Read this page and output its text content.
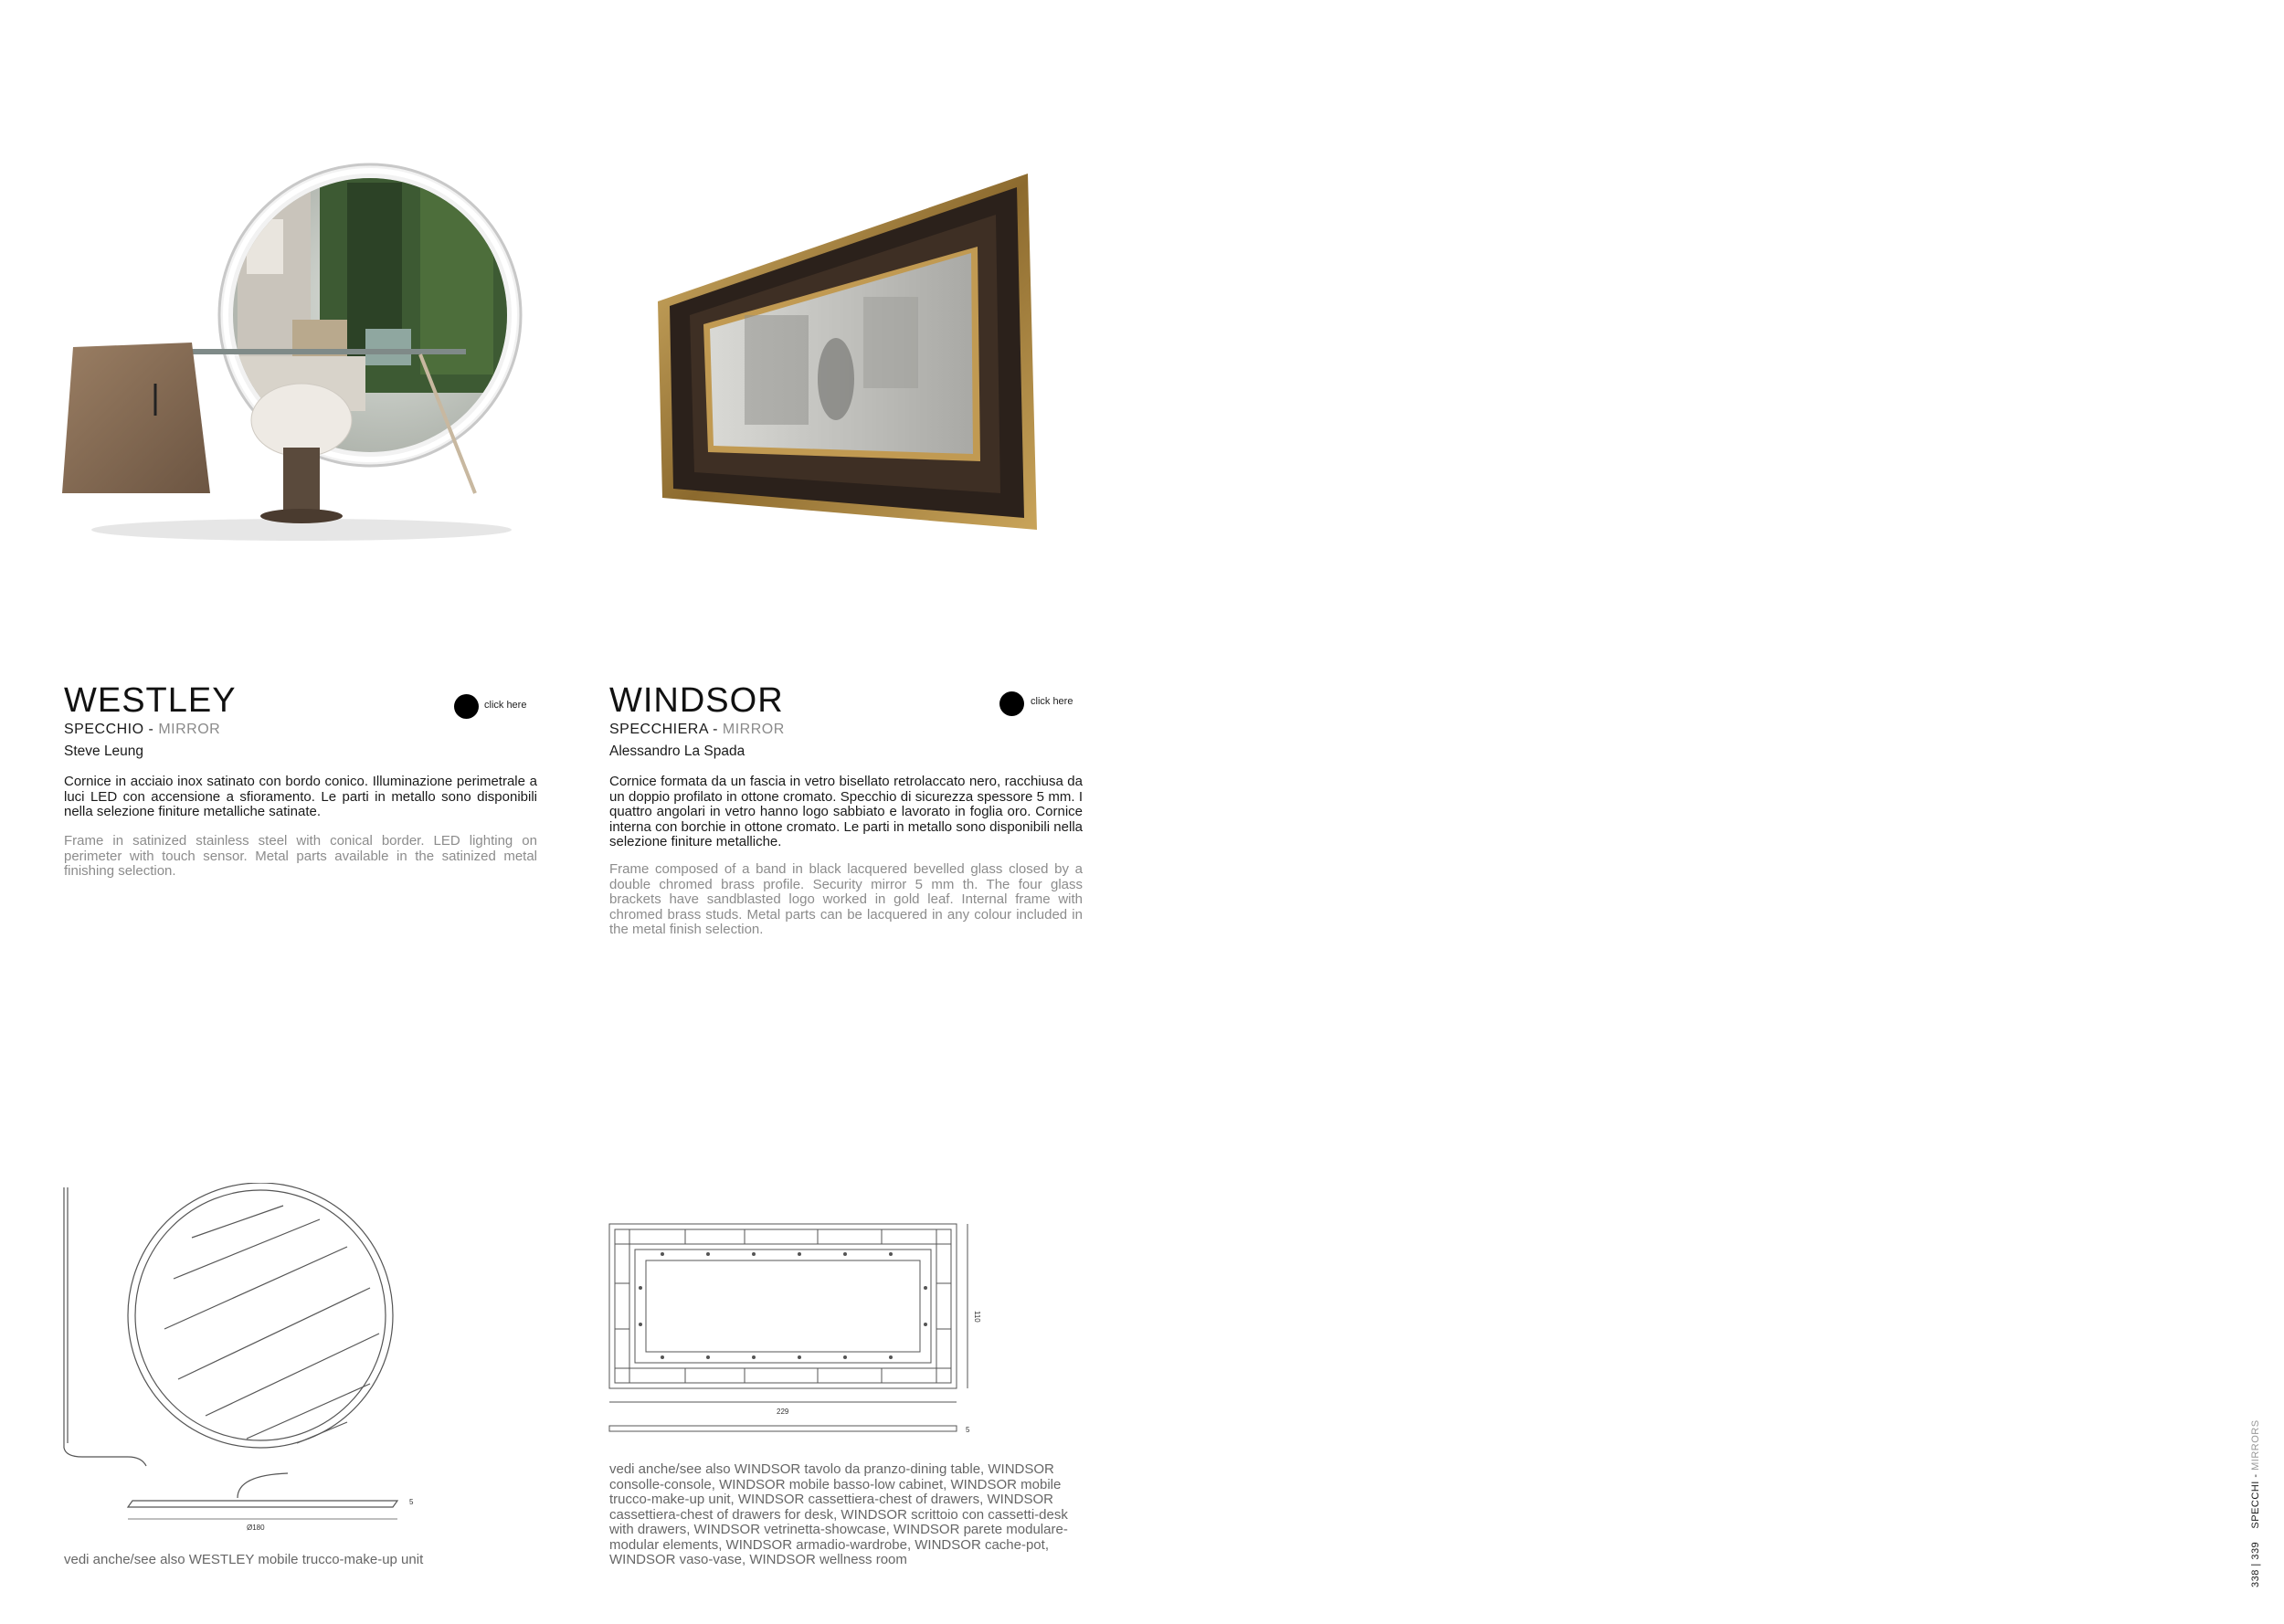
WESTLEY
SPECCHIO - MIRROR
Steve Leung
click here
Cornice in acciaio inox satinato con bordo conico. Illuminazione perimetrale a luci LED con accensione a sfioramento. Le parti in metallo sono disponibili nella selezione finiture metalliche satinate.
Frame in satinized stainless steel with conical border. LED lighting on perimeter with touch sensor. Metal parts available in the satinized metal finishing selection.
WINDSOR
SPECCHIERA - MIRROR
Alessandro La Spada
click here
Cornice formata da un fascia in vetro bisellato retrolaccato nero, racchiusa da un doppio profilato in ottone cromato. Specchio di sicurezza spessore 5 mm. I quattro angolari in vetro hanno logo sabbiato e lavorato in foglia oro. Cornice interna con borchie in ottone cromato. Le parti in metallo sono disponibili nella selezione finiture metalliche.
Frame composed of a band in black lacquered bevelled glass closed by a double chromed brass profile. Security mirror 5 mm th. The four glass brackets have sandblasted logo worked in gold leaf. Internal frame with chromed brass studs. Metal parts can be lacquered in any colour included in the metal finish selection.
Ø180
5
229
110
5
vedi anche/see also WESTLEY mobile trucco-make-up unit
vedi anche/see also WINDSOR tavolo da pranzo-dining table, WINDSOR consolle-console, WINDSOR mobile basso-low cabinet, WINDSOR mobile trucco-make-up unit, WINDSOR cassettiera-chest of drawers, WINDSOR cassettiera-chest of drawers for desk, WINDSOR scrittoio con cassetti-desk with drawers, WINDSOR vetrinetta-showcase, WINDSOR parete modulare-modular elements, WINDSOR armadio-wardrobe, WINDSOR cache-pot, WINDSOR vaso-vase, WINDSOR wellness room	338 | 339    SPECCHI - MIRRORS
